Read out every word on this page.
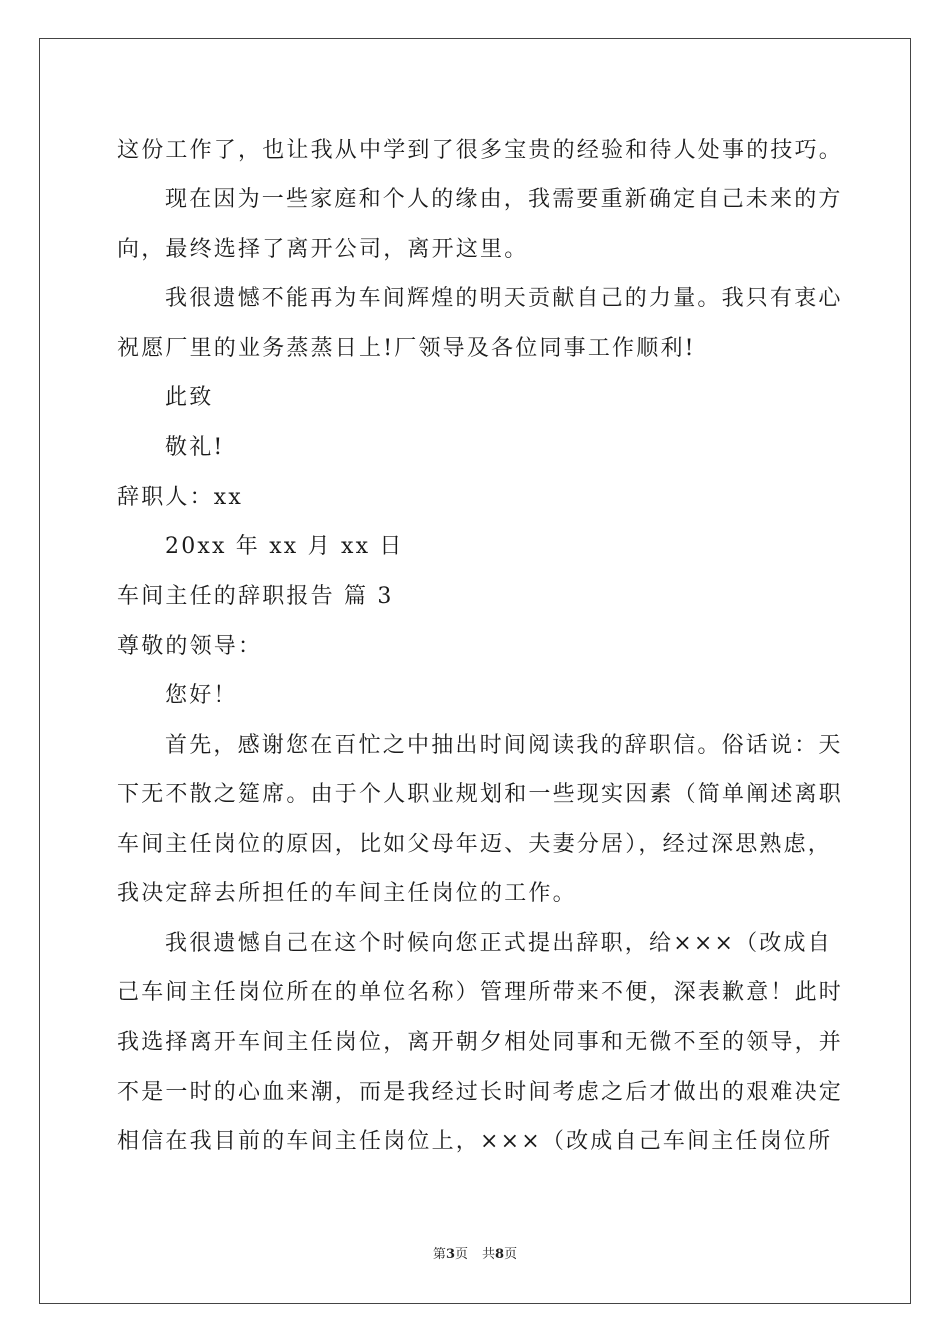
这份工作了，也让我从中学到了很多宝贵的经验和待人处事的技巧。
现在因为一些家庭和个人的缘由，我需要重新确定自己未来的方
向，最终选择了离开公司，离开这里。
我很遗憾不能再为车间辉煌的明天贡献自己的力量。我只有衷心
祝愿厂里的业务蒸蒸日上!厂领导及各位同事工作顺利!
此致
敬礼!
辞职人：xx
20xx 年 xx 月 xx 日
车间主任的辞职报告 篇 3
尊敬的领导：
您好！
首先，感谢您在百忙之中抽出时间阅读我的辞职信。俗话说：天
下无不散之筵席。由于个人职业规划和一些现实因素（简单阐述离职
车间主任岗位的原因，比如父母年迈、夫妻分居），经过深思熟虑，
我决定辞去所担任的车间主任岗位的工作。
我很遗憾自己在这个时候向您正式提出辞职，给×××（改成自
己车间主任岗位所在的单位名称）管理所带来不便，深表歉意！此时
我选择离开车间主任岗位，离开朝夕相处同事和无微不至的领导，并
不是一时的心血来潮，而是我经过长时间考虑之后才做出的艰难决定
相信在我目前的车间主任岗位上，×××（改成自己车间主任岗位所
第3页 共8页
